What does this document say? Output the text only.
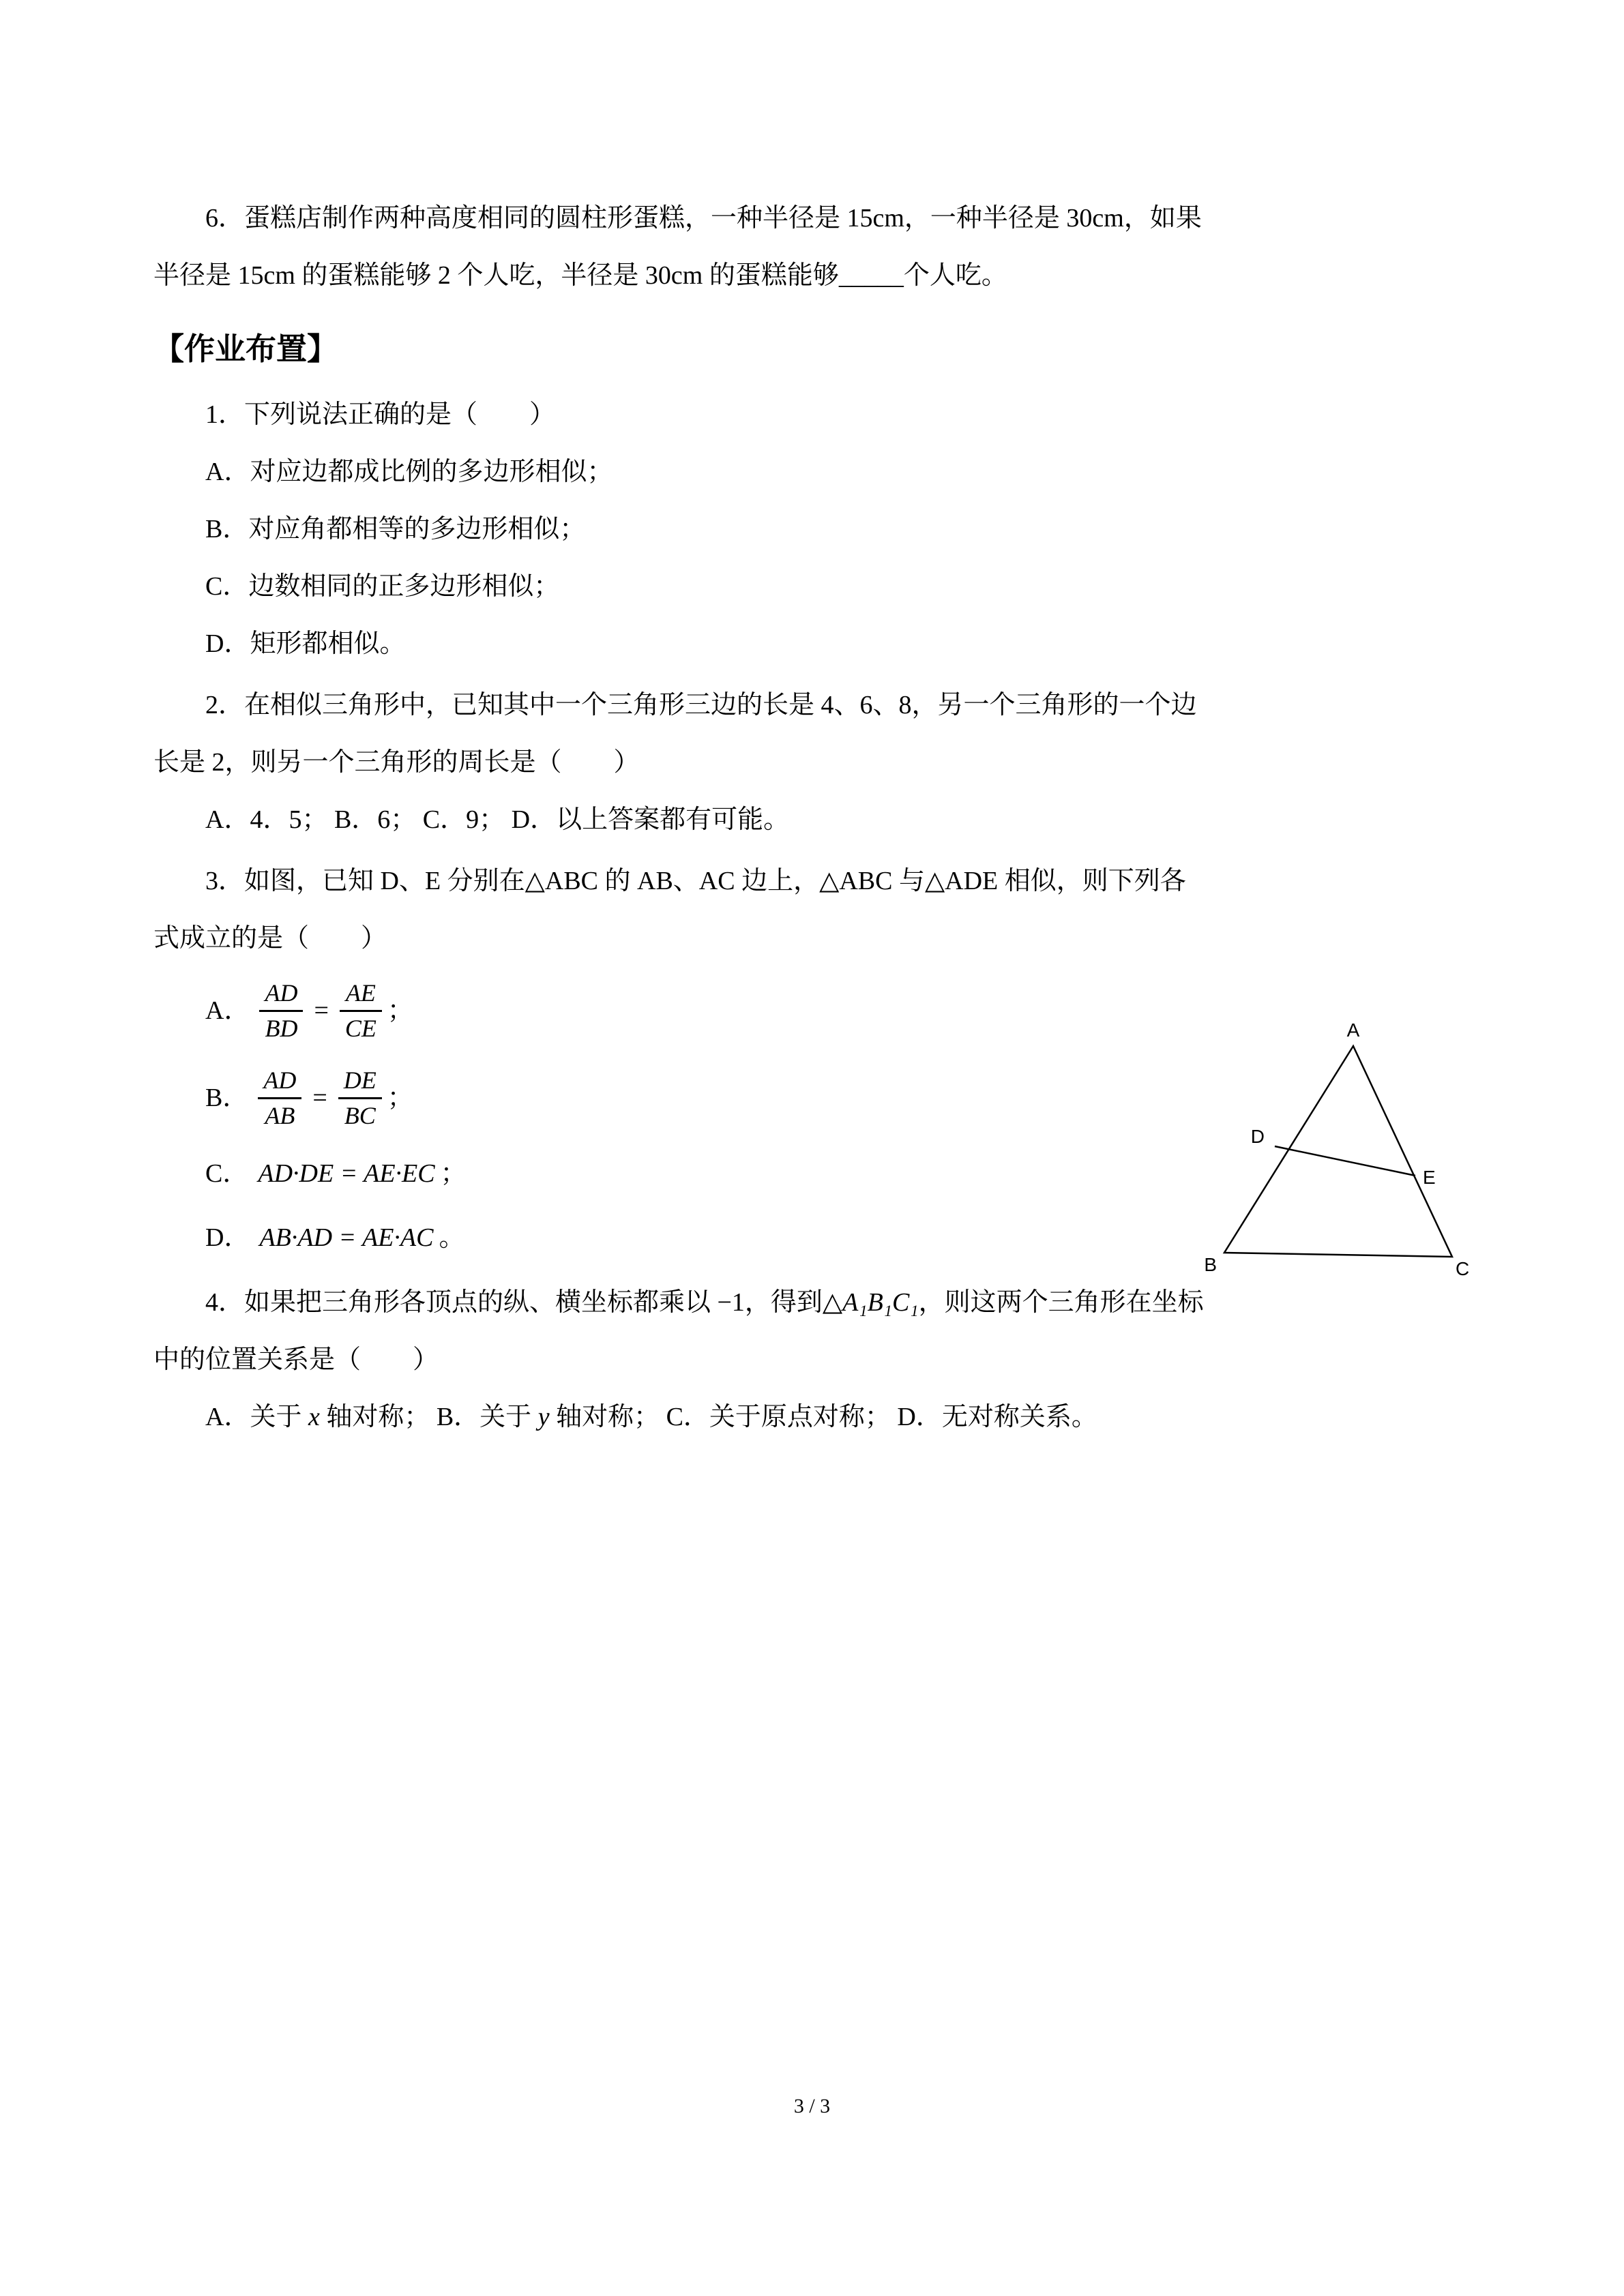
6．蛋糕店制作两种高度相同的圆柱形蛋糕，一种半径是 15cm，一种半径是 30cm，如果
半径是 15cm 的蛋糕能够 2 个人吃，半径是 30cm 的蛋糕能够_____个人吃。
【作业布置】
1．下列说法正确的是（　　）
A．对应边都成比例的多边形相似；
B．对应角都相等的多边形相似；
C．边数相同的正多边形相似；
D．矩形都相似。
2．在相似三角形中，已知其中一个三角形三边的长是 4、6、8，另一个三角形的一个边
长是 2，则另一个三角形的周长是（　　）
A．4．5； B．6； C．9； D．以上答案都有可能。
3．如图，已知 D、E 分别在△ABC 的 AB、AC 边上，△ABC 与△ADE 相似，则下列各
式成立的是（　　）
A． $\frac{AD}{BD} = \frac{AE}{CE}$ ；
B． $\frac{AD}{AB} = \frac{DE}{BC}$ ；
C． AD·DE = AE·EC ；
D． AB·AD = AE·AC 。
4．如果把三角形各顶点的纵、横坐标都乘以 −1，得到△A₁B₁C₁，则这两个三角形在坐标
中的位置关系是（　　）
A．关于 x 轴对称； B．关于 y 轴对称； C．关于原点对称； D．无对称关系。
A
D
E
B	C
3 / 3
